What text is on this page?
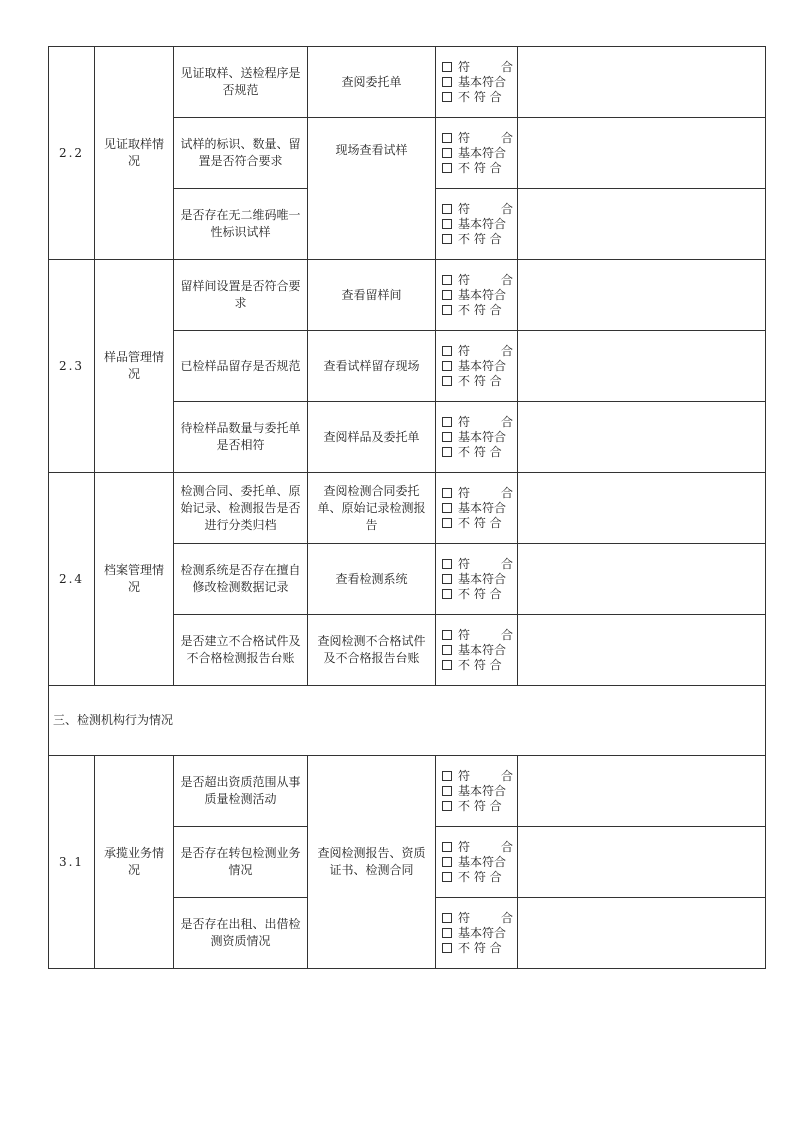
2.2	见证取样情况	见证取样、送检程序是否规范	查阅委托单	符　合
基本符合
不 符 合	

		试样的标识、数量、留置是否符合要求	现场查看试样	符　合
基本符合
不 符 合	

		是否存在无二维码唯一性标识试样		符　合
基本符合
不 符 合	

2.3	样品管理情况	留样间设置是否符合要求	查看留样间	符　合
基本符合
不 符 合	

		已检样品留存是否规范	查看试样留存现场	符　合
基本符合
不 符 合	

		待检样品数量与委托单是否相符	查阅样品及委托单	符　合
基本符合
不 符 合	

2.4	档案管理情况	检测合同、委托单、原始记录、检测报告是否进行分类归档	查阅检测合同委托单、原始记录检测报告	符　合
基本符合
不 符 合	

		检测系统是否存在擅自修改检测数据记录	查看检测系统	符　合
基本符合
不 符 合	

		是否建立不合格试件及不合格检测报告台账	查阅检测不合格试件及不合格报告台账	符　合
基本符合
不 符 合	

三、检测机构行为情况					
3.1	承揽业务情况	是否超出资质范围从事质量检测活动	查阅检测报告、资质证书、检测合同	符　合
基本符合
不 符 合	

		是否存在转包检测业务情况		符　合
基本符合
不 符 合	

		是否存在出租、出借检测资质情况		符　合
基本符合
不 符 合	
